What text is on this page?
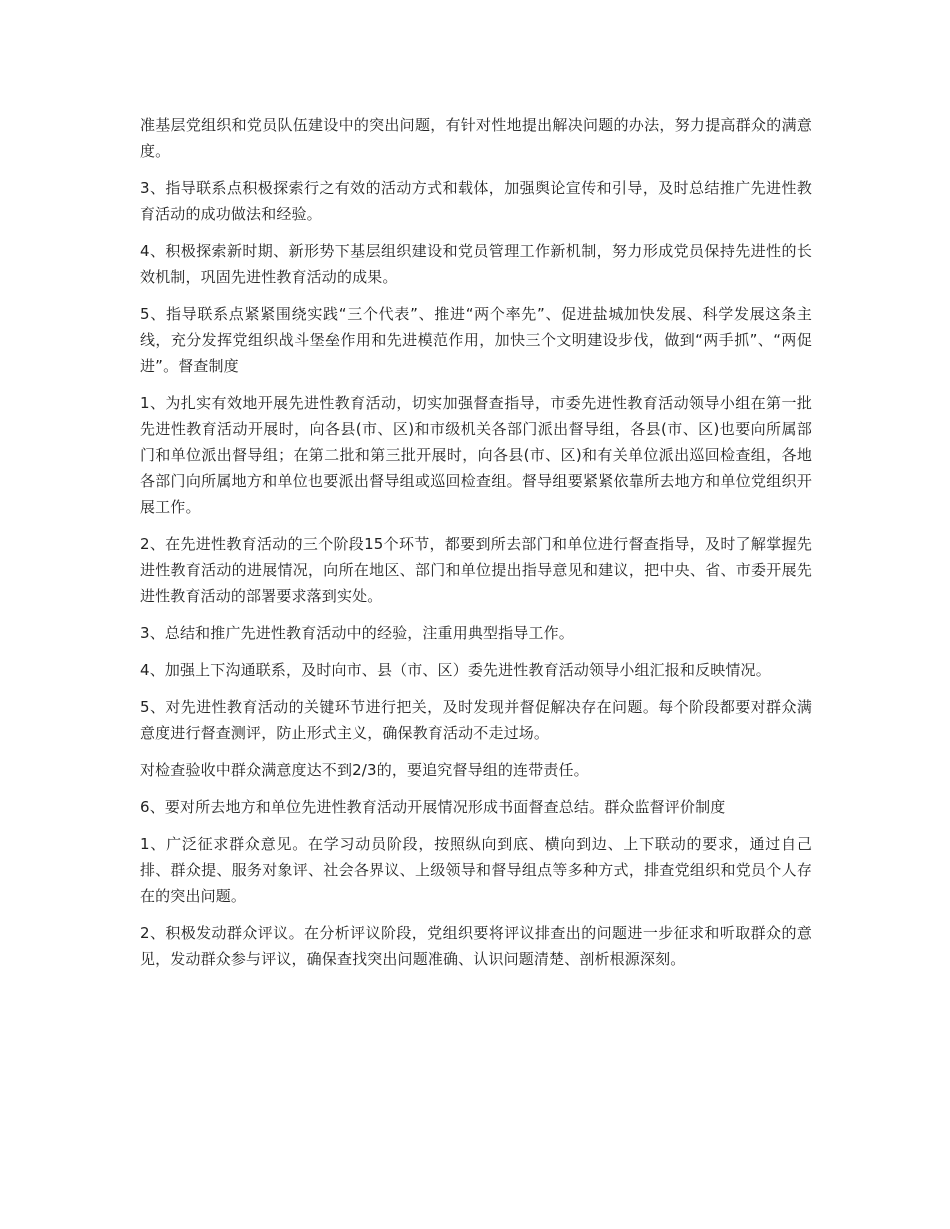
准基层党组织和党员队伍建设中的突出问题，有针对性地提出解决问题的办法，努力提高群众的满意度。

3、指导联系点积极探索行之有效的活动方式和载体，加强舆论宣传和引导，及时总结推广先进性教育活动的成功做法和经验。

4、积极探索新时期、新形势下基层组织建设和党员管理工作新机制，努力形成党员保持先进性的长效机制，巩固先进性教育活动的成果。

5、指导联系点紧紧围绕实践“三个代表”、推进“两个率先”、促进盐城加快发展、科学发展这条主线，充分发挥党组织战斗堡垒作用和先进模范作用，加快三个文明建设步伐，做到“两手抓”、“两促进”。督查制度

1、为扎实有效地开展先进性教育活动，切实加强督查指导，市委先进性教育活动领导小组在第一批先进性教育活动开展时，向各县(市、区)和市级机关各部门派出督导组，各县(市、区)也要向所属部门和单位派出督导组；在第二批和第三批开展时，向各县(市、区)和有关单位派出巡回检查组，各地各部门向所属地方和单位也要派出督导组或巡回检查组。督导组要紧紧依靠所去地方和单位党组织开展工作。

2、在先进性教育活动的三个阶段15个环节，都要到所去部门和单位进行督查指导，及时了解掌握先进性教育活动的进展情况，向所在地区、部门和单位提出指导意见和建议，把中央、省、市委开展先进性教育活动的部署要求落到实处。

3、总结和推广先进性教育活动中的经验，注重用典型指导工作。

4、加强上下沟通联系，及时向市、县（市、区）委先进性教育活动领导小组汇报和反映情况。

5、对先进性教育活动的关键环节进行把关，及时发现并督促解决存在问题。每个阶段都要对群众满意度进行督查测评，防止形式主义，确保教育活动不走过场。

对检查验收中群众满意度达不到2/3的，要追究督导组的连带责任。

6、要对所去地方和单位先进性教育活动开展情况形成书面督查总结。群众监督评价制度

1、广泛征求群众意见。在学习动员阶段，按照纵向到底、横向到边、上下联动的要求，通过自己排、群众提、服务对象评、社会各界议、上级领导和督导组点等多种方式，排查党组织和党员个人存在的突出问题。

2、积极发动群众评议。在分析评议阶段，党组织要将评议排查出的问题进一步征求和听取群众的意见，发动群众参与评议，确保查找突出问题准确、认识问题清楚、剖析根源深刻。
